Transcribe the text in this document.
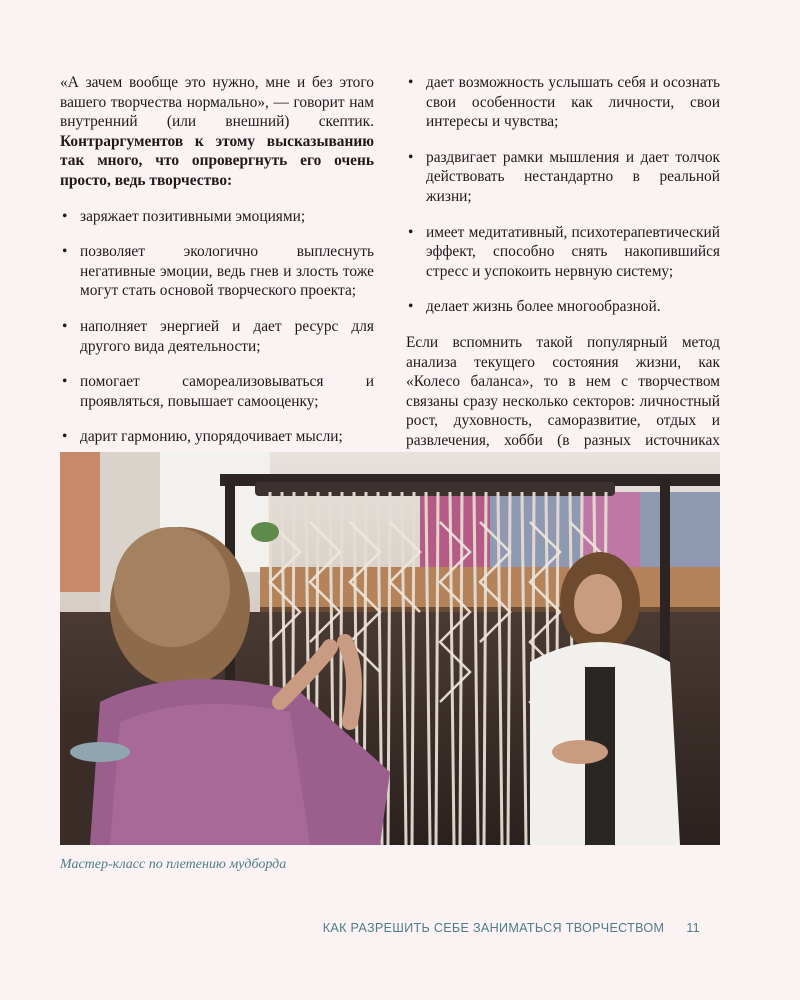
«А зачем вообще это нужно, мне и без этого вашего творчества нормально», — говорит нам внутренний (или внешний) скептик. Контраргументов к этому высказыванию так много, что опровергнуть его очень просто, ведь творчество:

• заряжает позитивными эмоциями;
• позволяет экологично выплеснуть негативные эмоции, ведь гнев и злость тоже могут стать основой творческого проекта;
• наполняет энергией и дает ресурс для другого вида деятельности;
• помогает самореализовываться и проявляться, повышает самооценку;
• дарит гармонию, упорядочивает мысли;
• дает возможность услышать себя и осознать свои особенности как личности, свои интересы и чувства;
• раздвигает рамки мышления и дает толчок действовать нестандартно в реальной жизни;
• имеет медитативный, психотерапевтический эффект, способно снять накопившийся стресс и успокоить нервную систему;
• делает жизнь более многообразной.

Если вспомнить такой популярный метод анализа текущего состояния жизни, как «Колесо баланса», то в нем с творчеством связаны сразу несколько секторов: личностный рост, духовность, саморазвитие, отдых и развлечения, хобби (в разных источниках

Мастер-класс по плетению мудборда
КАК РАЗРЕШИТЬ СЕБЕ ЗАНИМАТЬСЯ ТВОРЧЕСТВОМ 11
